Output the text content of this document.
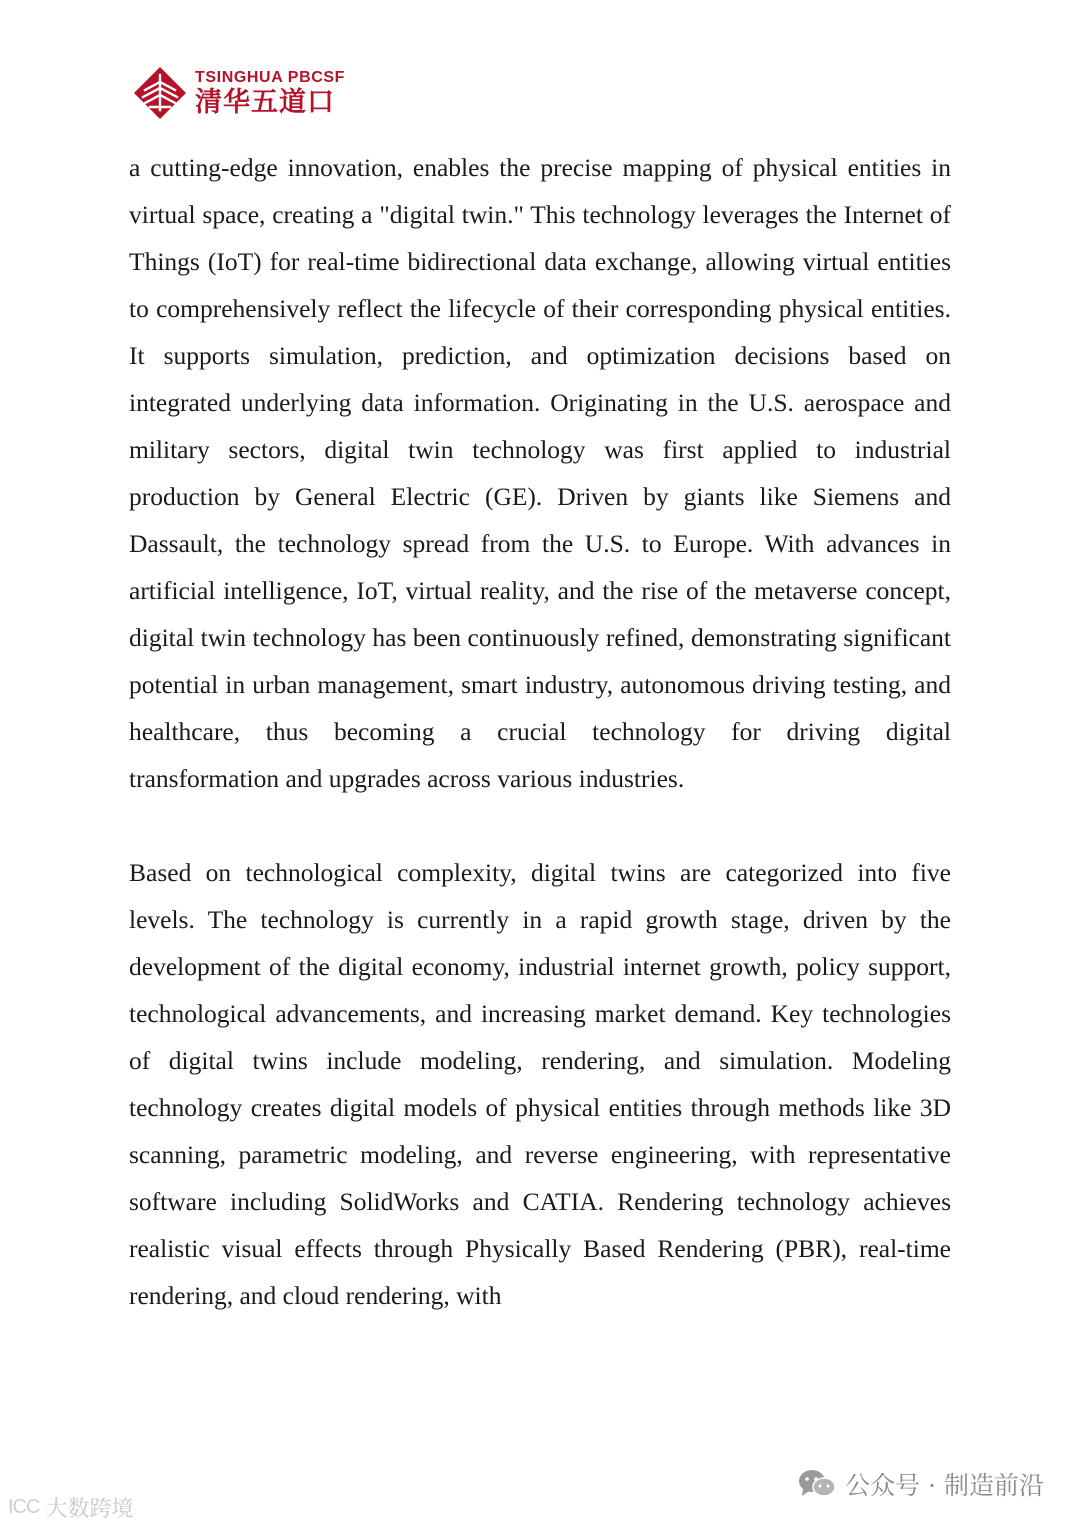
TSINGHUA PBCSF
清华五道口

a cutting-edge innovation, enables the precise mapping of physical entities in virtual space, creating a "digital twin." This technology leverages the Internet of Things (IoT) for real-time bidirectional data exchange, allowing virtual entities to comprehensively reflect the lifecycle of their corresponding physical entities. It supports simulation, prediction, and optimization decisions based on integrated underlying data information. Originating in the U.S. aerospace and military sectors, digital twin technology was first applied to industrial production by General Electric (GE). Driven by giants like Siemens and Dassault, the technology spread from the U.S. to Europe. With advances in artificial intelligence, IoT, virtual reality, and the rise of the metaverse concept, digital twin technology has been continuously refined, demonstrating significant potential in urban management, smart industry, autonomous driving testing, and healthcare, thus becoming a crucial technology for driving digital transformation and upgrades across various industries.

Based on technological complexity, digital twins are categorized into five levels. The technology is currently in a rapid growth stage, driven by the development of the digital economy, industrial internet growth, policy support, technological advancements, and increasing market demand. Key technologies of digital twins include modeling, rendering, and simulation. Modeling technology creates digital models of physical entities through methods like 3D scanning, parametric modeling, and reverse engineering, with representative software including SolidWorks and CATIA. Rendering technology achieves realistic visual effects through Physically Based Rendering (PBR), real-time rendering, and cloud rendering, with

公众号 · 制造前沿
ICC 大数跨境
